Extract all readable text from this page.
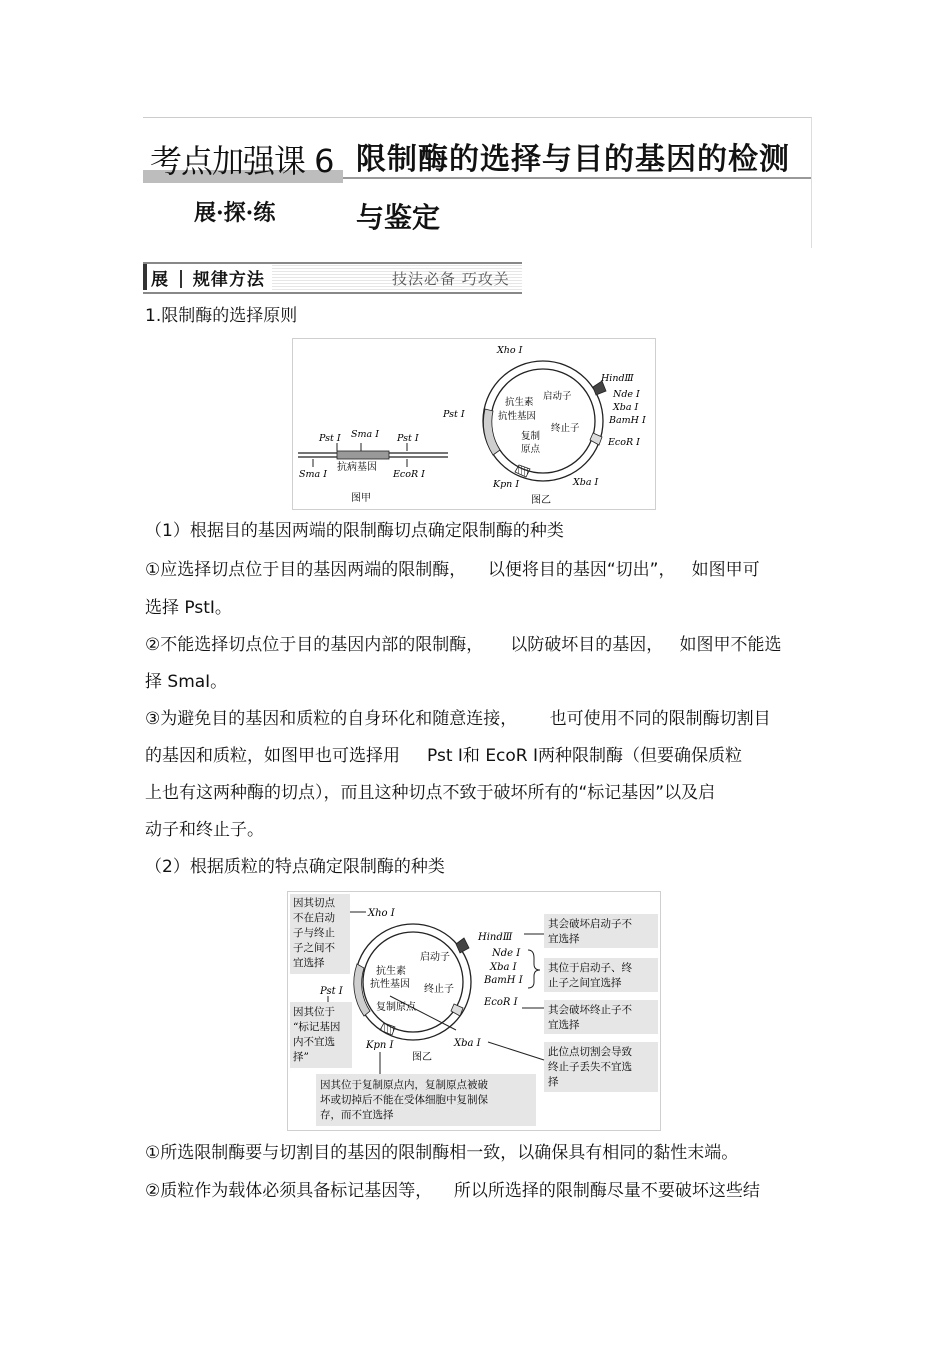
考点加强课 6 限制酶的选择与目的基因的检测
展·探·练	与鉴定
展 规律方法	技法必备 巧攻关
1.限制酶的选择原则
Pst Ⅰ Sma Ⅰ Pst Ⅰ
Sma Ⅰ
抗病基因
EcoR Ⅰ
图甲
Xho Ⅰ
HindⅢ
启动子	Nde Ⅰ
Xba Ⅰ
BamH Ⅰ
抗生素
抗性基因
Pst Ⅰ
终止子
EcoR Ⅰ
复制
原点
Kpn Ⅰ	Xba Ⅰ
图乙
（1）根据目的基因两端的限制酶切点确定限制酶的种类
①应选择切点位于目的基因两端的限制酶，    以便将目的基因“切出”，   如图甲可
选择 PstⅠ。
②不能选择切点位于目的基因内部的限制酶，     以防破坏目的基因，   如图甲不能选
择 SmaⅠ。
③为避免目的基因和质粒的自身环化和随意连接，      也可使用不同的限制酶切割目
的基因和质粒，如图甲也可选择用     Pst Ⅰ和 EcoR Ⅰ两种限制酶（但要确保质粒
上也有这两种酶的切点），而且这种切点不致于破坏所有的“标记基因”以及启
动子和终止子。
（2）根据质粒的特点确定限制酶的种类
Xho Ⅰ
HindⅢ
Nde Ⅰ
Xba Ⅰ
BamH Ⅰ
EcoR Ⅰ
Pst Ⅰ
Kpn Ⅰ	Xba Ⅰ
启动子
抗生素
抗性基因 终止子
复制原点
图乙
因其切点
不在启动
子与终止
子之间不
宜选择
因其位于
“标记基因
内不宜选
择”
其会破坏启动子不
宜选择
其位于启动子、终
止子之间宜选择
其会破坏终止子不
宜选择
此位点切割会导致
终止子丢失不宜选
择
因其位于复制原点内，复制原点被破
坏或切掉后不能在受体细胞中复制保
存，而不宜选择
①所选限制酶要与切割目的基因的限制酶相一致，以确保具有相同的黏性末端。
②质粒作为载体必须具备标记基因等，    所以所选择的限制酶尽量不要破坏这些结
